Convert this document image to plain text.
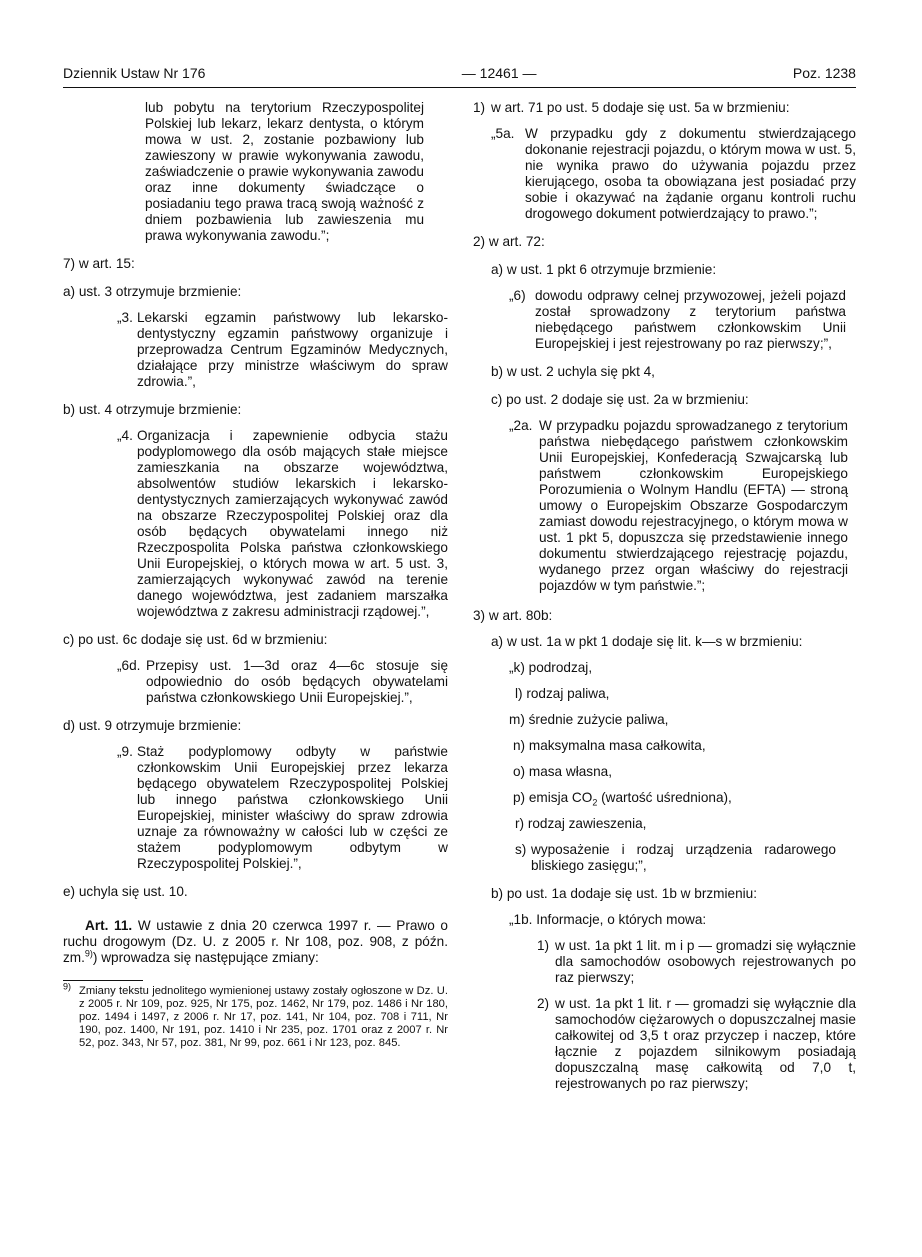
Dziennik Ustaw Nr 176	— 12461 —	Poz. 1238

lub pobytu na terytorium Rzeczypospolitej Polskiej lub lekarz, lekarz dentysta, o którym mowa w ust. 2, zostanie pozbawiony lub zawieszony w prawie wykonywania zawodu, zaświadczenie o prawie wykonywania zawodu oraz inne dokumenty świadczące o posiadaniu tego prawa tracą swoją ważność z dniem pozbawienia lub zawieszenia mu prawa wykonywania zawodu.”;

7) w art. 15:
a) ust. 3 otrzymuje brzmienie:
„3. Lekarski egzamin państwowy lub lekarsko-dentystyczny egzamin państwowy organizuje i przeprowadza Centrum Egzaminów Medycznych, działające przy ministrze właściwym do spraw zdrowia.”,
b) ust. 4 otrzymuje brzmienie:
„4. Organizacja i zapewnienie odbycia stażu podyplomowego dla osób mających stałe miejsce zamieszkania na obszarze województwa, absolwentów studiów lekarskich i lekarsko-dentystycznych zamierzających wykonywać zawód na obszarze Rzeczypospolitej Polskiej oraz dla osób będących obywatelami innego niż Rzeczpospolita Polska państwa członkowskiego Unii Europejskiej, o których mowa w art. 5 ust. 3, zamierzających wykonywać zawód na terenie danego województwa, jest zadaniem marszałka województwa z zakresu administracji rządowej.”,
c) po ust. 6c dodaje się ust. 6d w brzmieniu:
„6d. Przepisy ust. 1—3d oraz 4—6c stosuje się odpowiednio do osób będących obywatelami państwa członkowskiego Unii Europejskiej.”,
d) ust. 9 otrzymuje brzmienie:
„9. Staż podyplomowy odbyty w państwie członkowskim Unii Europejskiej przez lekarza będącego obywatelem Rzeczypospolitej Polskiej lub innego państwa członkowskiego Unii Europejskiej, minister właściwy do spraw zdrowia uznaje za równoważny w całości lub w części ze stażem podyplomowym odbytym w Rzeczypospolitej Polskiej.”,
e) uchyla się ust. 10.

Art. 11. W ustawie z dnia 20 czerwca 1997 r. — Prawo o ruchu drogowym (Dz. U. z 2005 r. Nr 108, poz. 908, z późn. zm.$^{9)}$) wprowadza się następujące zmiany:

$^{9)}$ Zmiany tekstu jednolitego wymienionej ustawy zostały ogłoszone w Dz. U. z 2005 r. Nr 109, poz. 925, Nr 175, poz. 1462, Nr 179, poz. 1486 i Nr 180, poz. 1494 i 1497, z 2006 r. Nr 17, poz. 141, Nr 104, poz. 708 i 711, Nr 190, poz. 1400, Nr 191, poz. 1410 i Nr 235, poz. 1701 oraz z 2007 r. Nr 52, poz. 343, Nr 57, poz. 381, Nr 99, poz. 661 i Nr 123, poz. 845.
1) w art. 71 po ust. 5 dodaje się ust. 5a w brzmieniu:
„5a. W przypadku gdy z dokumentu stwierdzającego dokonanie rejestracji pojazdu, o którym mowa w ust. 5, nie wynika prawo do używania pojazdu przez kierującego, osoba ta obowiązana jest posiadać przy sobie i okazywać na żądanie organu kontroli ruchu drogowego dokument potwierdzający to prawo.”;
2) w art. 72:
a) w ust. 1 pkt 6 otrzymuje brzmienie:
„6) dowodu odprawy celnej przywozowej, jeżeli pojazd został sprowadzony z terytorium państwa niebędącego państwem członkowskim Unii Europejskiej i jest rejestrowany po raz pierwszy;”,
b) w ust. 2 uchyla się pkt 4,
c) po ust. 2 dodaje się ust. 2a w brzmieniu:
„2a. W przypadku pojazdu sprowadzanego z terytorium państwa niebędącego państwem członkowskim Unii Europejskiej, Konfederacją Szwajcarską lub państwem członkowskim Europejskiego Porozumienia o Wolnym Handlu (EFTA) — stroną umowy o Europejskim Obszarze Gospodarczym zamiast dowodu rejestracyjnego, o którym mowa w ust. 1 pkt 5, dopuszcza się przedstawienie innego dokumentu stwierdzającego rejestrację pojazdu, wydanego przez organ właściwy do rejestracji pojazdów w tym państwie.”;
3) w art. 80b:
a) w ust. 1a w pkt 1 dodaje się lit. k—s w brzmieniu:
„k) podrodzaj,
l) rodzaj paliwa,
m) średnie zużycie paliwa,
n) maksymalna masa całkowita,
o) masa własna,
p) emisja $CO_2$ (wartość uśredniona),
r) rodzaj zawieszenia,
s) wyposażenie i rodzaj urządzenia radarowego bliskiego zasięgu;”,
b) po ust. 1a dodaje się ust. 1b w brzmieniu:
„1b. Informacje, o których mowa:
1) w ust. 1a pkt 1 lit. m i p — gromadzi się wyłącznie dla samochodów osobowych rejestrowanych po raz pierwszy;
2) w ust. 1a pkt 1 lit. r — gromadzi się wyłącznie dla samochodów ciężarowych o dopuszczalnej masie całkowitej od 3,5 t oraz przyczep i naczep, które łącznie z pojazdem silnikowym posiadają dopuszczalną masę całkowitą od 7,0 t, rejestrowanych po raz pierwszy;
